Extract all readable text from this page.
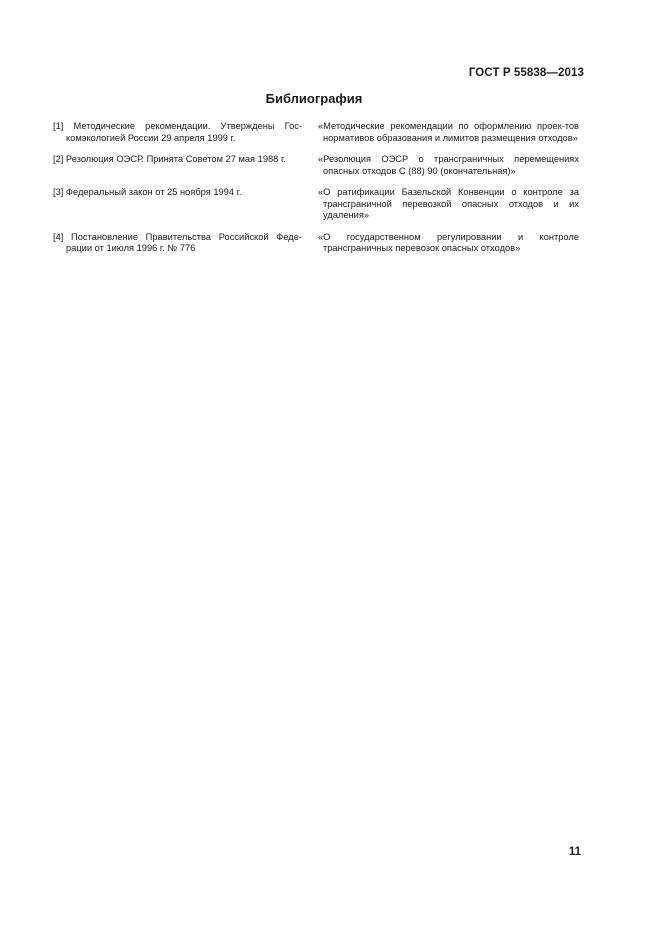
ГОСТ Р 55838—2013
Библиография
[1] Методические рекомендации. Утверждены Гос-комэкологией России 29 апреля 1999 г.
«Методические рекомендации по оформлению проек-тов нормативов образования и лимитов размещения отходов»
[2] Резолюция ОЭСР. Принята Советом 27 мая 1988 г.	«Резолюция ОЭСР о трансграничных перемещениях опасных отходов С (88) 90 (окончательная)»
[3] Федеральный закон от 25 ноября 1994 г.	«О ратификации Базельской Конвенции о контроле за трансграничной перевозкой опасных отходов и их удаления»
[4] Постановление Правительства Российской Феде-рации от 1июля 1996 г. № 776
«О государственном регулировании и контроле трансграничных перевозок опасных отходов»
11
